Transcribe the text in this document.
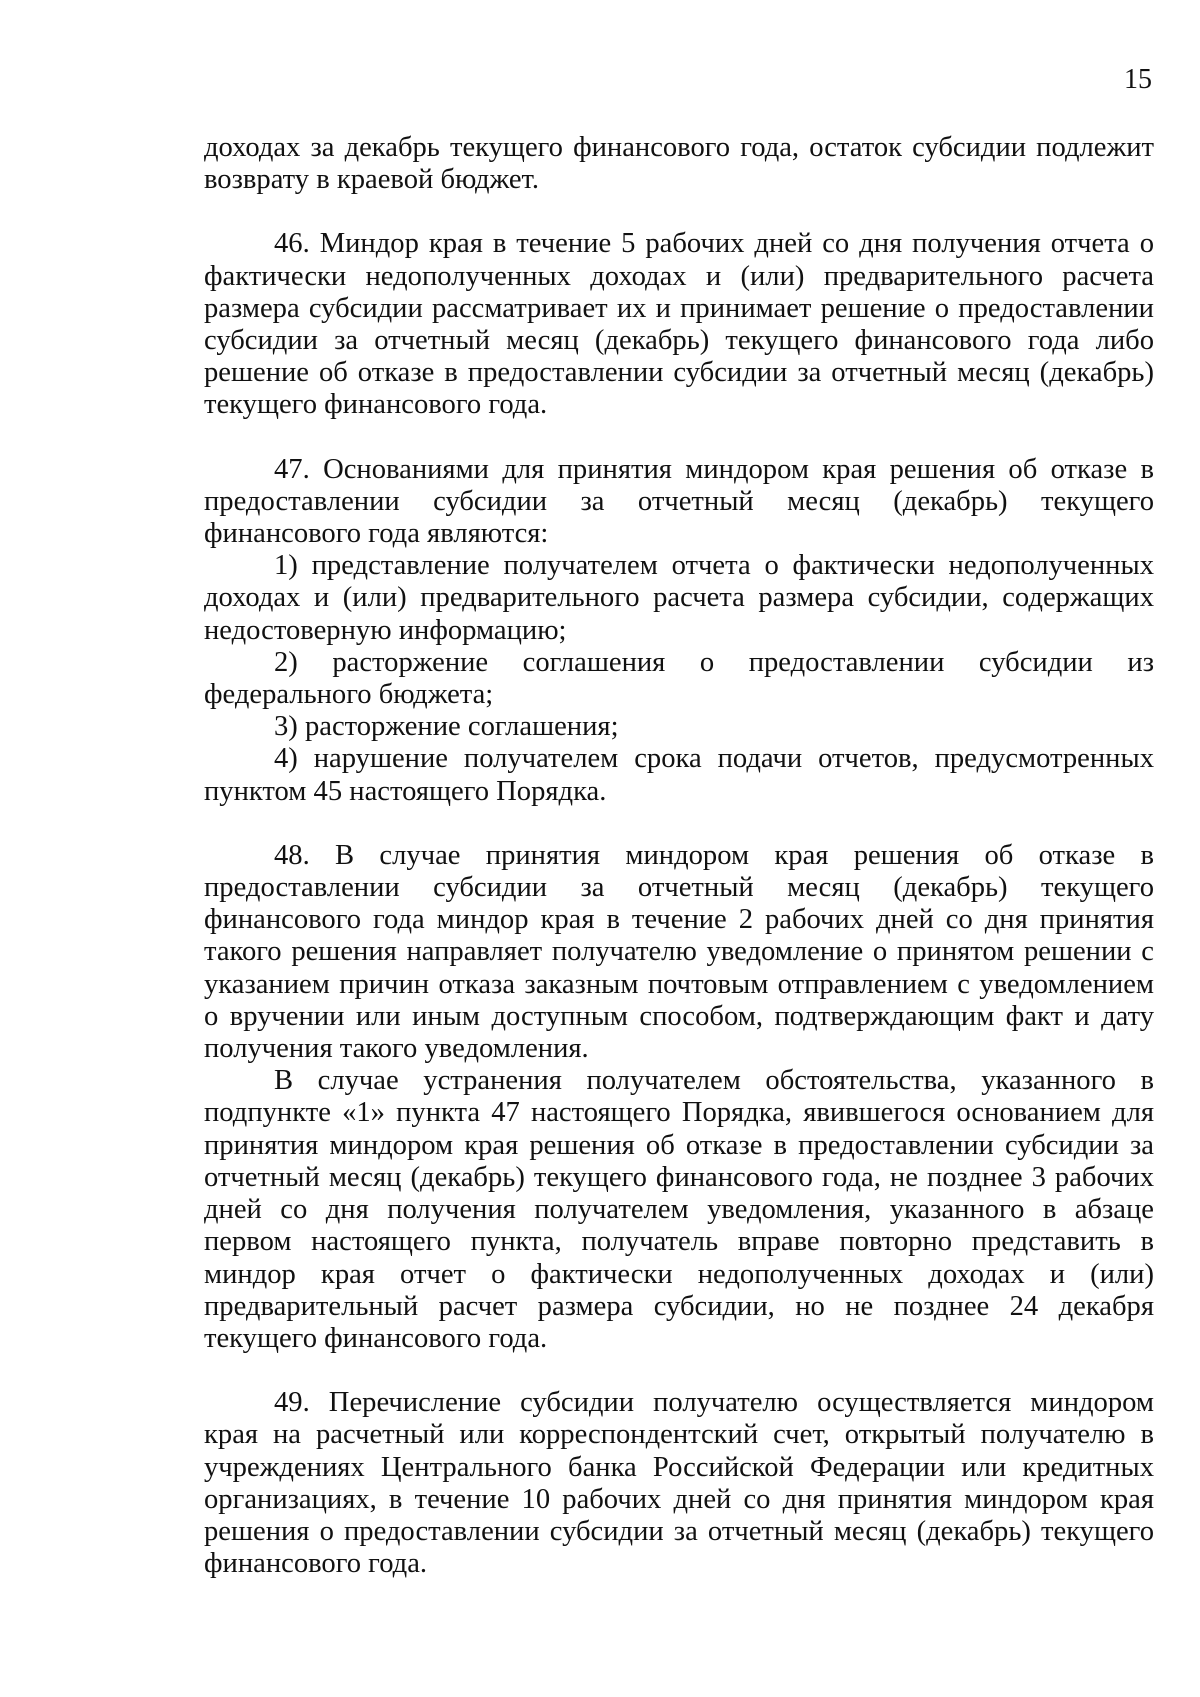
15

доходах за декабрь текущего финансового года, остаток субсидии подлежит возврату в краевой бюджет.

46. Миндор края в течение 5 рабочих дней со дня получения отчета о фактически недополученных доходах и (или) предварительного расчета размера субсидии рассматривает их и принимает решение о предоставлении субсидии за отчетный месяц (декабрь) текущего финансового года либо решение об отказе в предоставлении субсидии за отчетный месяц (декабрь) текущего финансового года.

47. Основаниями для принятия миндором края решения об отказе в предоставлении субсидии за отчетный месяц (декабрь) текущего финансового года являются:

1) представление получателем отчета о фактически недополученных доходах и (или) предварительного расчета размера субсидии, содержащих недостоверную информацию;

2) расторжение соглашения о предоставлении субсидии из федерального бюджета;

3) расторжение соглашения;

4) нарушение получателем срока подачи отчетов, предусмотренных пунктом 45 настоящего Порядка.

48. В случае принятия миндором края решения об отказе в предоставлении субсидии за отчетный месяц (декабрь) текущего финансового года миндор края в течение 2 рабочих дней со дня принятия такого решения направляет получателю уведомление о принятом решении с указанием причин отказа заказным почтовым отправлением с уведомлением о вручении или иным доступным способом, подтверждающим факт и дату получения такого уведомления.

В случае устранения получателем обстоятельства, указанного в подпункте «1» пункта 47 настоящего Порядка, явившегося основанием для принятия миндором края решения об отказе в предоставлении субсидии за отчетный месяц (декабрь) текущего финансового года, не позднее 3 рабочих дней со дня получения получателем уведомления, указанного в абзаце первом настоящего пункта, получатель вправе повторно представить в миндор края отчет о фактически недополученных доходах и (или) предварительный расчет размера субсидии, но не позднее 24 декабря текущего финансового года.

49. Перечисление субсидии получателю осуществляется миндором края на расчетный или корреспондентский счет, открытый получателю в учреждениях Центрального банка Российской Федерации или кредитных организациях, в течение 10 рабочих дней со дня принятия миндором края решения о предоставлении субсидии за отчетный месяц (декабрь) текущего финансового года.
